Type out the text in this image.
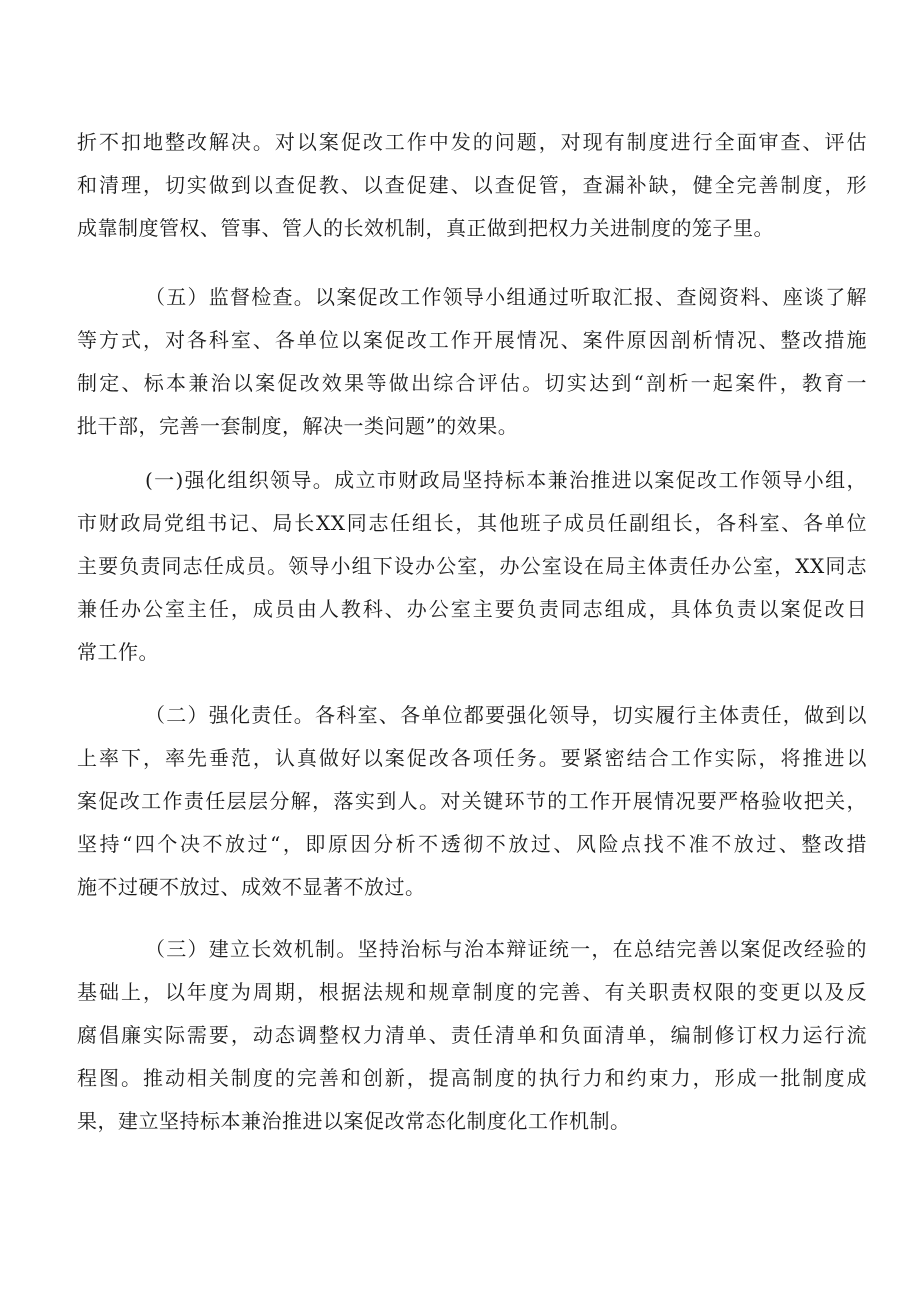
折不扣地整改解决。对以案促改工作中发的问题，对现有制度进行全面审查、评估
和清理，切实做到以查促教、以查促建、以查促管，查漏补缺，健全完善制度，形
成靠制度管权、管事、管人的长效机制，真正做到把权力关进制度的笼子里。
（五）监督检查。以案促改工作领导小组通过听取汇报、查阅资料、座谈了解
等方式，对各科室、各单位以案促改工作开展情况、案件原因剖析情况、整改措施
制定、标本兼治以案促改效果等做出综合评估。切实达到“剖析一起案件，教育一
批干部，完善一套制度，解决一类问题”的效果。
(一)强化组织领导。成立市财政局坚持标本兼治推进以案促改工作领导小组，
市财政局党组书记、局长XX同志任组长，其他班子成员任副组长，各科室、各单位
主要负责同志任成员。领导小组下设办公室，办公室设在局主体责任办公室，XX同志
兼任办公室主任，成员由人教科、办公室主要负责同志组成，具体负责以案促改日
常工作。
（二）强化责任。各科室、各单位都要强化领导，切实履行主体责任，做到以
上率下，率先垂范，认真做好以案促改各项任务。要紧密结合工作实际，将推进以
案促改工作责任层层分解，落实到人。对关键环节的工作开展情况要严格验收把关，
坚持“四个决不放过“，即原因分析不透彻不放过、风险点找不准不放过、整改措
施不过硬不放过、成效不显著不放过。
（三）建立长效机制。坚持治标与治本辩证统一，在总结完善以案促改经验的
基础上，以年度为周期，根据法规和规章制度的完善、有关职责权限的变更以及反
腐倡廉实际需要，动态调整权力清单、责任清单和负面清单，编制修订权力运行流
程图。推动相关制度的完善和创新，提高制度的执行力和约束力，形成一批制度成
果，建立坚持标本兼治推进以案促改常态化制度化工作机制。
